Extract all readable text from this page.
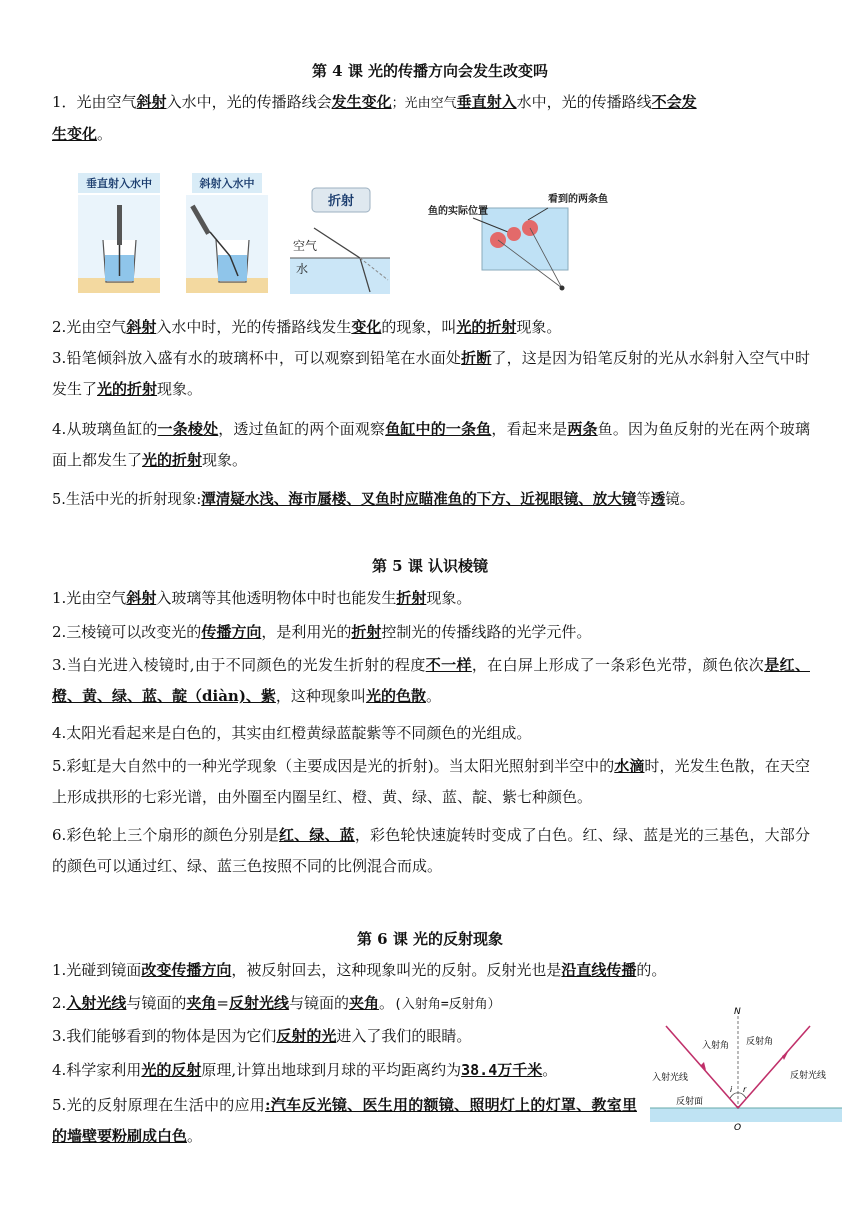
第 4 课 光的传播方向会发生改变吗
1．光由空气斜射入水中，光的传播路线会发生变化；光由空气垂直射入水中，光的传播路线不会发
生变化。
垂直射入水中	斜射入水中
折射
空气
水
鱼的实际位置
看到的两条鱼
2.光由空气斜射入水中时，光的传播路线发生变化的现象，叫光的折射现象。
3.铅笔倾斜放入盛有水的玻璃杯中，可以观察到铅笔在水面处折断了，这是因为铅笔反射的光从水斜射入空气中时发生了光的折射现象。
4.从玻璃鱼缸的一条棱处，透过鱼缸的两个面观察鱼缸中的一条鱼，看起来是两条鱼。因为鱼反射的光在两个玻璃面上都发生了光的折射现象。
5.生活中光的折射现象:潭清疑水浅、海市蜃楼、叉鱼时应瞄准鱼的下方、近视眼镜、放大镜等透镜。
第 5 课 认识棱镜
1.光由空气斜射入玻璃等其他透明物体中时也能发生折射现象。
2.三棱镜可以改变光的传播方向，是利用光的折射控制光的传播线路的光学元件。
3.当白光进入棱镜时,由于不同颜色的光发生折射的程度不一样，在白屏上形成了一条彩色光带，颜色依次是红、橙、黄、绿、蓝、靛（diàn)、紫，这种现象叫光的色散。
4.太阳光看起来是白色的，其实由红橙黄绿蓝靛紫等不同颜色的光组成。
5.彩虹是大自然中的一种光学现象（主要成因是光的折射)。当太阳光照射到半空中的水滴时，光发生色散，在天空上形成拱形的七彩光谱，由外圈至内圈呈红、橙、黄、绿、蓝、靛、紫七种颜色。
6.彩色轮上三个扇形的颜色分别是红、绿、蓝，彩色轮快速旋转时变成了白色。红、绿、蓝是光的三基色，大部分的颜色可以通过红、绿、蓝三色按照不同的比例混合而成。
第 6 课 光的反射现象
1.光碰到镜面改变传播方向，被反射回去，这种现象叫光的反射。反射光也是沿直线传播的。
2.入射光线与镜面的夹角=反射光线与镜面的夹角。(入射角=反射角）
3.我们能够看到的物体是因为它们反射的光进入了我们的眼睛。
4.科学家利用光的反射原理,计算出地球到月球的平均距离约为38.4万千米。
5.光的反射原理在生活中的应用:汽车反光镜、医生用的额镜、照明灯上的灯罩、教室里的墙壁要粉刷成白色。
N
入射角 反射角
入射光线	反射光线
反射面
i r
O
